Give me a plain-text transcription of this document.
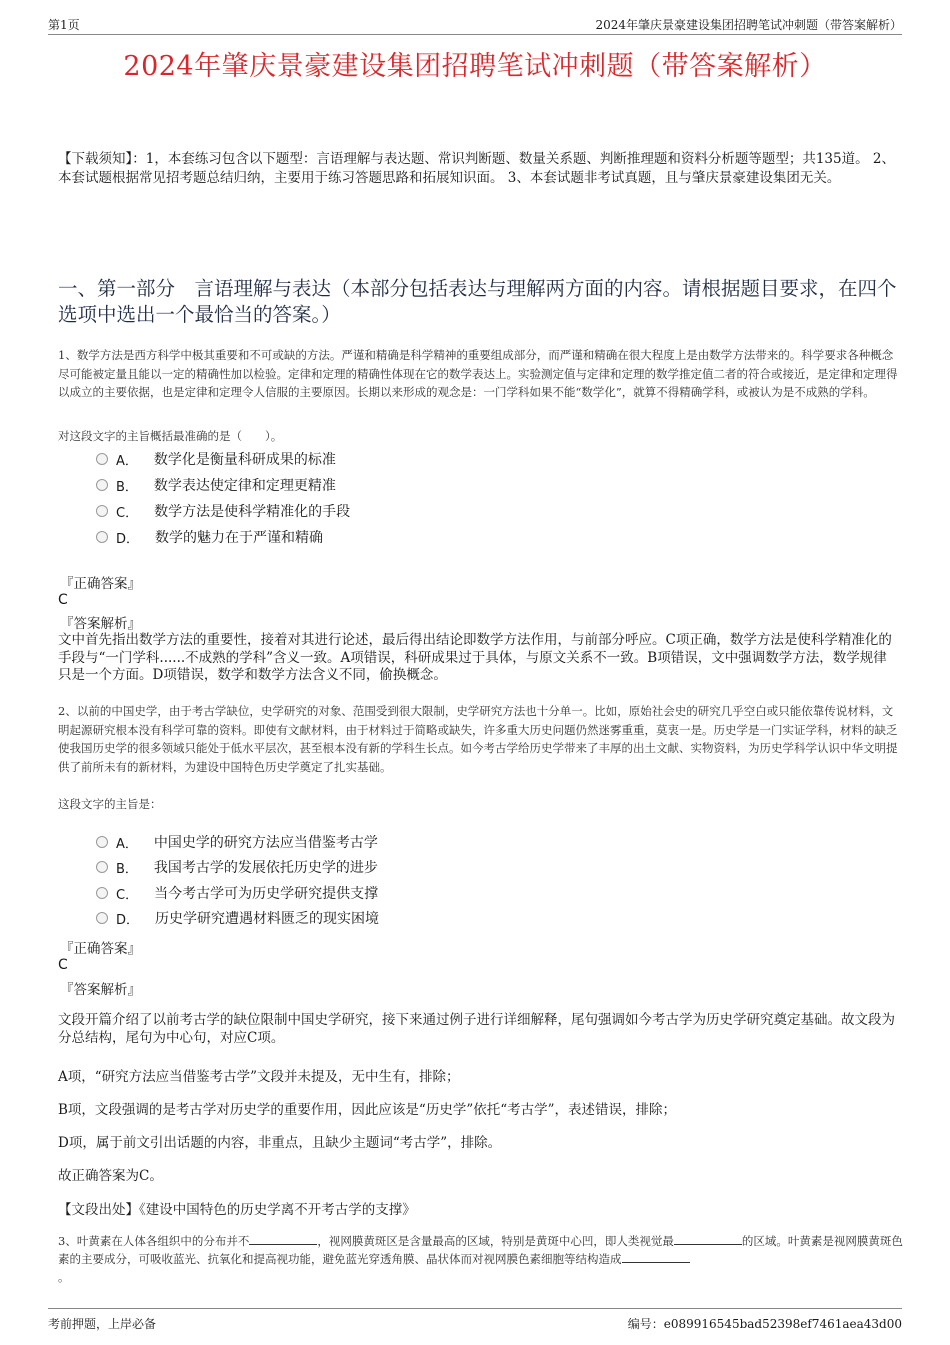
第1页	2024年肇庆景豪建设集团招聘笔试冲刺题（带答案解析）
2024年肇庆景豪建设集团招聘笔试冲刺题（带答案解析）
【下载须知】：1，本套练习包含以下题型：言语理解与表达题、常识判断题、数量关系题、判断推理题和资料分析题等题型；共135道。 2、本套试题根据常见招考题总结归纳，主要用于练习答题思路和拓展知识面。 3、本套试题非考试真题，且与肇庆景豪建设集团无关。
一、第一部分　言语理解与表达（本部分包括表达与理解两方面的内容。请根据题目要求，在四个选项中选出一个最恰当的答案。）
1、数学方法是西方科学中极其重要和不可或缺的方法。严谨和精确是科学精神的重要组成部分，而严谨和精确在很大程度上是由数学方法带来的。科学要求各种概念尽可能被定量且能以一定的精确性加以检验。定律和定理的精确性体现在它的数学表达上。实验测定值与定律和定理的数学推定值二者的符合或接近，是定律和定理得以成立的主要依据，也是定律和定理令人信服的主要原因。长期以来形成的观念是：一门学科如果不能“数学化”，就算不得精确学科，或被认为是不成熟的学科。
对这段文字的主旨概括最准确的是（　　）。
A． 数学化是衡量科研成果的标准
B． 数学表达使定律和定理更精准
C． 数学方法是使科学精准化的手段
D． 数学的魅力在于严谨和精确
『正确答案』
C
『答案解析』
文中首先指出数学方法的重要性，接着对其进行论述，最后得出结论即数学方法作用，与前部分呼应。C项正确，数学方法是使科学精准化的手段与“一门学科......不成熟的学科”含义一致。A项错误，科研成果过于具体，与原文关系不一致。B项错误，文中强调数学方法，数学规律只是一个方面。D项错误，数学和数学方法含义不同，偷换概念。
2、以前的中国史学，由于考古学缺位，史学研究的对象、范围受到很大限制，史学研究方法也十分单一。比如，原始社会史的研究几乎空白或只能依靠传说材料，文明起源研究根本没有科学可靠的资料。即使有文献材料，由于材料过于简略或缺失，许多重大历史问题仍然迷雾重重，莫衷一是。历史学是一门实证学科，材料的缺乏使我国历史学的很多领域只能处于低水平层次，甚至根本没有新的学科生长点。如今考古学给历史学带来了丰厚的出土文献、实物资料，为历史学科学认识中华文明提供了前所未有的新材料，为建设中国特色历史学奠定了扎实基础。
这段文字的主旨是：
A． 中国史学的研究方法应当借鉴考古学
B． 我国考古学的发展依托历史学的进步
C． 当今考古学可为历史学研究提供支撑
D． 历史学研究遭遇材料匮乏的现实困境
『正确答案』
C
『答案解析』
文段开篇介绍了以前考古学的缺位限制中国史学研究，接下来通过例子进行详细解释，尾句强调如今考古学为历史学研究奠定基础。故文段为分总结构，尾句为中心句，对应C项。
A项，“研究方法应当借鉴考古学”文段并未提及，无中生有，排除；
B项，文段强调的是考古学对历史学的重要作用，因此应该是“历史学”依托“考古学”，表述错误，排除；
D项，属于前文引出话题的内容，非重点，且缺少主题词“考古学”，排除。
故正确答案为C。
【文段出处】《建设中国特色的历史学离不开考古学的支撑》
3、叶黄素在人体各组织中的分布并不	，视网膜黄斑区是含量最高的区域，特别是黄斑中心凹，即人类视觉最	的区域。叶黄素是视网膜黄斑色素的主要成分，可吸收蓝光、抗氧化和提高视功能，避免蓝光穿透角膜、晶状体而对视网膜色素细胞等结构造成
。
考前押题，上岸必备	编号：e089916545bad52398ef7461aea43d00
